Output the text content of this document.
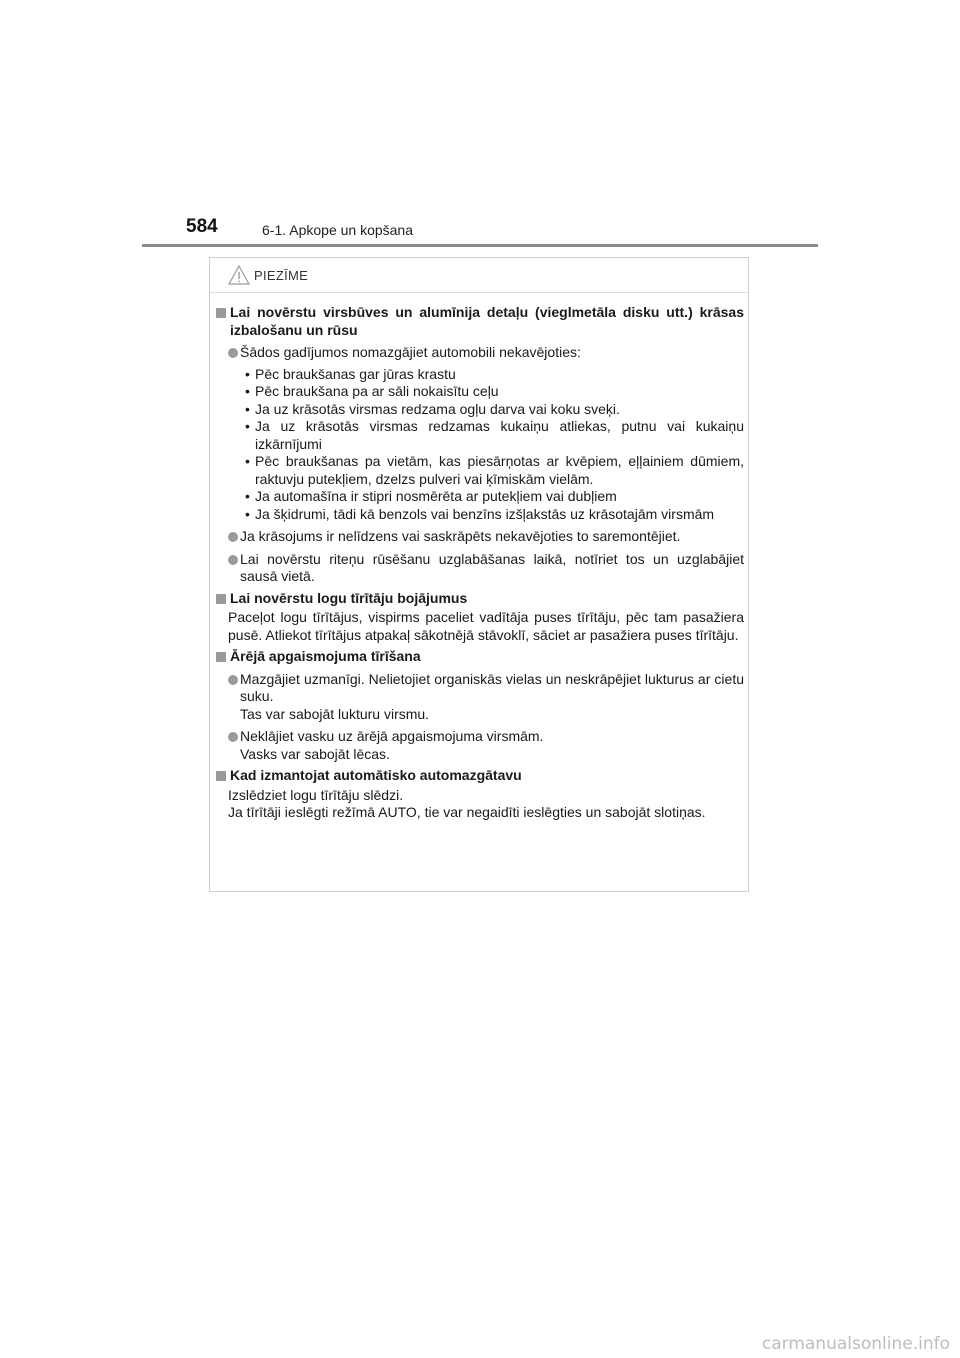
584	6-1. Apkope un kopšana
PIEZĪME
Lai novērstu virsbūves un alumīnija detaļu (vieglmetāla disku utt.) krāsas izbalošanu un rūsu
Šādos gadījumos nomazgājiet automobili nekavējoties:
• Pēc braukšanas gar jūras krastu
• Pēc braukšana pa ar sāli nokaisītu ceļu
• Ja uz krāsotās virsmas redzama ogļu darva vai koku sveķi.
• Ja uz krāsotās virsmas redzamas kukaiņu atliekas, putnu vai kukaiņu izkārnījumi
• Pēc braukšanas pa vietām, kas piesārņotas ar kvēpiem, eļļainiem dūmiem, raktuvju putekļiem, dzelzs pulveri vai ķīmiskām vielām.
• Ja automašīna ir stipri nosmērēta ar putekļiem vai dubļiem
• Ja šķidrumi, tādi kā benzols vai benzīns izšļakstās uz krāsotajām virsmām
Ja krāsojums ir nelīdzens vai saskrāpēts nekavējoties to saremontējiet.
Lai novērstu riteņu rūsēšanu uzglabāšanas laikā, notīriet tos un uzglabājiet sausā vietā.
Lai novērstu logu tīrītāju bojājumus
Paceļot logu tīrītājus, vispirms paceliet vadītāja puses tīrītāju, pēc tam pasažiera pusē. Atliekot tīrītājus atpakaļ sākotnējā stāvoklī, sāciet ar pasažiera puses tīrītāju.
Ārējā apgaismojuma tīrīšana
Mazgājiet uzmanīgi. Nelietojiet organiskās vielas un neskrāpējiet lukturus ar cietu suku.
Tas var sabojāt lukturu virsmu.
Neklājiet vasku uz ārējā apgaismojuma virsmām.
Vasks var sabojāt lēcas.
Kad izmantojat automātisko automazgātavu
Izslēdziet logu tīrītāju slēdzi.
Ja tīrītāji ieslēgti režīmā AUTO, tie var negaidīti ieslēgties un sabojāt slotiņas.
carmanualsonline.info
